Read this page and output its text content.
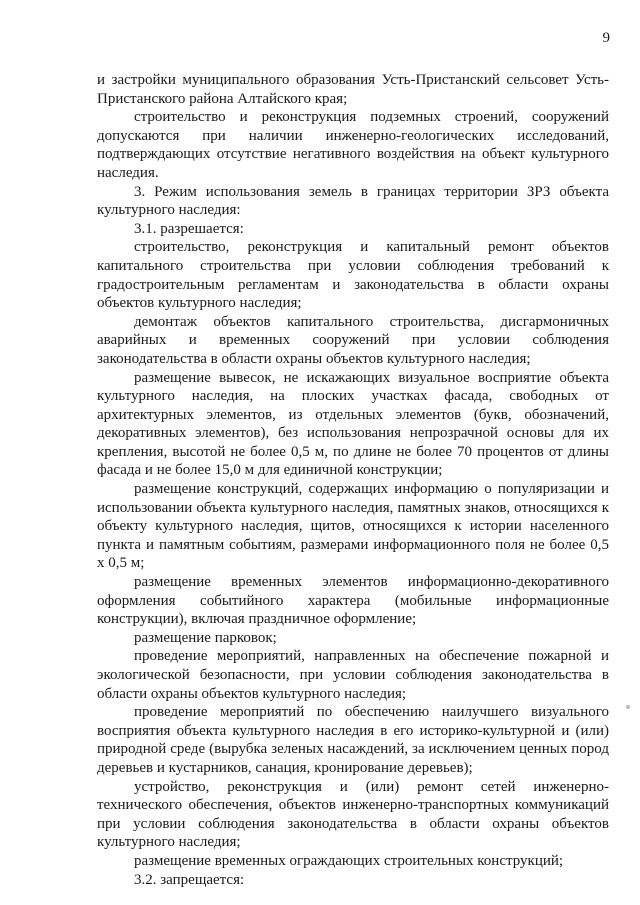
9

и застройки муниципального образования Усть-Пристанский сельсовет Усть-Пристанского района Алтайского края;

строительство и реконструкция подземных строений, сооружений допускаются при наличии инженерно-геологических исследований, подтверждающих отсутствие негативного воздействия на объект культурного наследия.

3. Режим использования земель в границах территории ЗРЗ объекта культурного наследия:

3.1. разрешается:

строительство, реконструкция и капитальный ремонт объектов капитального строительства при условии соблюдения требований к градостроительным регламентам и законодательства в области охраны объектов культурного наследия;

демонтаж объектов капитального строительства, дисгармоничных аварийных и временных сооружений при условии соблюдения законодательства в области охраны объектов культурного наследия;

размещение вывесок, не искажающих визуальное восприятие объекта культурного наследия, на плоских участках фасада, свободных от архитектурных элементов, из отдельных элементов (букв, обозначений, декоративных элементов), без использования непрозрачной основы для их крепления, высотой не более 0,5 м, по длине не более 70 процентов от длины фасада и не более 15,0 м для единичной конструкции;

размещение конструкций, содержащих информацию о популяризации и использовании объекта культурного наследия, памятных знаков, относящихся к объекту культурного наследия, щитов, относящихся к истории населенного пункта и памятным событиям, размерами информационного поля не более 0,5 х 0,5 м;

размещение временных элементов информационно-декоративного оформления событийного характера (мобильные информационные конструкции), включая праздничное оформление;

размещение парковок;

проведение мероприятий, направленных на обеспечение пожарной и экологической безопасности, при условии соблюдения законодательства в области охраны объектов культурного наследия;

проведение мероприятий по обеспечению наилучшего визуального восприятия объекта культурного наследия в его историко-культурной и (или) природной среде (вырубка зеленых насаждений, за исключением ценных пород деревьев и кустарников, санация, кронирование деревьев);

устройство, реконструкция и (или) ремонт сетей инженерно-технического обеспечения, объектов инженерно-транспортных коммуникаций при условии соблюдения законодательства в области охраны объектов культурного наследия;

размещение временных ограждающих строительных конструкций;

3.2. запрещается:
